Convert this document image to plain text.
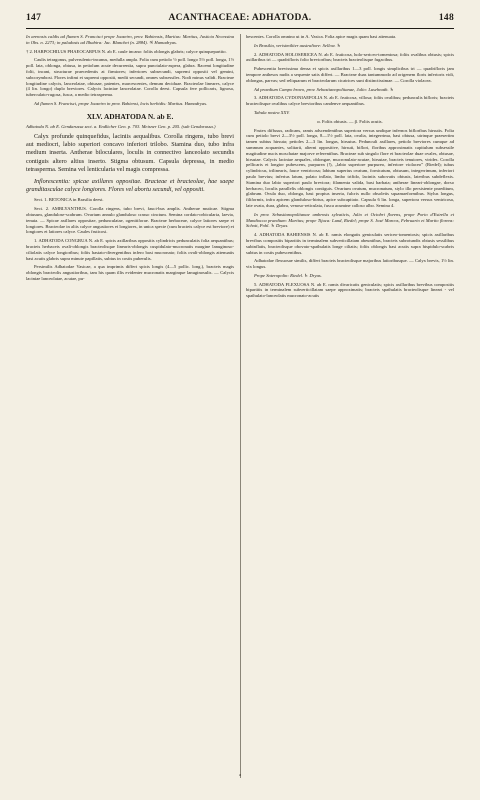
147	ACANTHACEAE: ADHATODA.	148

In arenosis caldis ad flumen S. Francisci prope Joazeiro, prov. Bahiensis, Martius: Martius, Justicia Necessina in Obs. n. 2273; in paludosis ad Ilhabira: Jac. Blanchet (n. 2884). ♃ Hamadryas.

† 2. HARPOCHILUS PHAEOCARPUS N. ab E. caule incano: foliis oblongis glabris; calyce quinquepartito.

Caulis tetragonus, pulverulento-incanus, medulla ampla. Folia cum petiolo ½ poll. longo 5½ poll. longa, 1½ poll. lata, oblonga, obtusa, in petiolum acute decurrentia, supra punctulato-aspera, glabra. Racemi longitudine folii, incani, structurae praecedentis at firmiores; inferiores subsecundi, supremi oppositi vel gemini, subcorymbosi. Flores infimi et supremi oppositi, medii secundi, omnes subsessiles. Nodi minus validi. Bracteae longitudine calycis, lanceolatae, obtusae, patentes, marcescentes, demum deciduae. Bracteolae lineares, calyce (4 lin. longo) duplo breviores. Calycis laciniae lanceolatae. Corolla deest. Capsula fere pollicaris, lignosa, tuberculato-rugosa, fusca, a medio tetrasperma.

Ad flumen S. Francisci, prope Joazeiro in prov. Bahiensi, locis herbidis: Martius. Hamadryas.

XLV. ADHATODA N. ab E.

Adhatoda N. ab E. Gendarussa sect. a. Endlicher Gen. p. 703. Meisner Gen. p. 205. (sub Gendarussa.)

Calyx profunde quinquefidus, laciniis aequalibus. Corolla ringens, tubo brevi aut mediocri, labio superiori concavo inferiori trilobo. Stamina duo, tubo infra medium inserta. Antherae biloculares, loculis in connectivo lanceolato secundis contiguis altero altius inserto. Stigma obtusum. Capsula depressa, in medio tetrasperma. Semina vel lenticularia vel magis compressa.

Inflorescentia: spicae axillares oppositae. Bracteae et bracteolae, hae saepe granditasculae calyce longiores. Flores vel abortu secundi, vel oppositi.

Sect. 1. BETONICA in Brasilia deest.

Sect. 2. AMBLYANTHUS. Corolla ringens, tubo brevi, fauci-bus amplis. Antherae muticae. Stigma obtusum, glandulose-scabrum. Ovarium annulo glanduloso crasso cinctum. Semina cordato-orbicularia, laevia, tenuia. — Spicae axillares oppositae, pedunculatae, ogenitiforae. Bracteae herbaceae, calyce latiores saepe et longiores. Bracteolae in aliis calyce angustiores et longiores, in unica specie (cum bracteis calyce est breviore) et longiores et latiores calyce. Caules fruticosi.

1. ADHATODA CONGRUA N. ab E. spicis axillaribus oppositis cylindricis pedunculatis folia aequantibus; bracteis herbaceis ovali-oblongis bracteolisque linearis-oblongis cuspidulato-mucronatis margine lanuginoso-ciliolatis calyce longioribus; foliis hastato-divergentibus infero basi mucronato; foliis ovali-oblongis attenuatis basi acutis glabris supra minute papillatis, subtus in costis puberulis.

Persimilis Adhatodae Vasicae, a qua imprimis differt spicis longis (4—5 pollic. long.), bracteis magis oblongis bracteolis angustioribus, tam his quam illis evidenter mucronatis marginque lanuginosulis. — Calycis laciniae lanceolatae, acutae, pu-

bescentes. Corolla omnino ut in A. Vasica. Folia apice magis quam basi attenuata.

In Brasilia, verisimiliter australiore: Sellow. ♄

2. ADHATODA HOLOSERICEA N. ab E. fruticosa, holo-sericeo-tomentosa; foliis ovalibus obtusis; spicis axillaribus tri — quadrifloris folio brevioribus; bracteis bracteolisque fugacibus.

Pubescentia brevissima densa et spicis axillaribus 1—3 poll. longis simplicibus tri — quadrifloris jam tempore anthesos nudis a sequente satis differt. — Bracteae duas tantummodo ad origenem floris inferioris vidi, oblongas, parvas; sed reliquarum et bracteolarum cicatrices sunt distinctissimae. — Corolla violacea.

Ad praedium Campo bravo, prov. Sebastianopolitanae, Julio: Lusehnath. ♄

3. ADHATODA CYDONIAEFOLIA N. ab E. fruticosa, villosa; foliis ovalibus; pedunculis bifloris; bracteis bracteolisque ovalibus calyce brevioribus candenve aequantibus.

Tabula nostra XXV.

α. Foliis obtusis. — β. Foliis acutis.

Frutex diffusus, radicans, ramis adscendentibus superiora versus undique infernos bifloribus hirsutis. Folia cum petiolo brevi 2—3½ poll. longa, 8—1½ poll. lata, ovalia, integerrima, basi obtusa, utrinque praesertim tamen subtus hirsuta; petioles 2—3 lin. longas, hirsutus. Pedunculi axillares, petiolo breviores cumque ad summum acquantes, solitarii, alterni oppositive, hirsuti, biflori, floribus approximatis capitulum subsessile magitudine nucis moschatae majorve referentibus. Bracteae sub singulo flore et bracteolae duae ovales, obtusae, hirsutae. Calycis laciniae aequales, oblongae, mucronulato-acutae, hirsutae, bracteis tenuiores, virides. Corolla pellicaris et longior pubescens, purpurea (!), „labio superiore purpureo, inferiore violaceo” (Riedel); tubus cylindricus, trilinearis, fauce ventricosa; labium superius ovatum, fornicatum, obtusum, integerrimum, inferiori paulo brevius; inferius latum, palato inflato, limbo trifido, laciniis subovatis obtusis, lateribus subdeflexis. Stamina duo labio superiori paulo breviora; filamenta valida, basi barbata; antherae lineari-oblongae, dorso herbaceo, loculis parallelis oblongis contiguis. Ovarium ovatum, mucronatum, stylo illo persistente praeditum, glabrum. Ovula duo, oblonga, basi propius inserta, fulcris nullo obsoletis squamaeformibus. Stylus longus, filiformis, infra apicem glanduloso-hirtus, apice subcapitato. Capsula 6 lin. longa, superiora versus ventricosa, late ovata, dura, glabra, venoso-reticulata, fusca acumine calloso albo. Semina 4.

In prov. Sebastianopolitanae umbrosis sylvaticis, Julio et Octobri florens, prope Porto d'Estrella et Mandiocca praedium: Martius; prope Tijuca: Lund, Riedel; prope S. José Marcos, Februario et Martio florens: Schott, Pohl. ♄ Dryas.

4. ADHATODA BAHIENSIS N. ab E. ramis elongatis geniculatis sericeo-tomentosis; spicis axillaribus brevibus compositis bipartitis in terminalem subverticillatam abeuntibus, bracteis subrotundis obtusis sessilibus subinflatis, bracteolisque obovato-spathulatis longe ciliatis; foliis oblongis basi acutis supra hispidulo-scabris subtus in costis pubescentibus.

Adhatodae flexuosae similis, differt bracteis bracteolisque majoribus latioribusque. — Calyx brevis, 1½ lin. vix longus.

Prope Soteropolin: Riedel. ♄ Dryas.

5. ADHATODA FLEXUOSA N. ab E. ramis divaricatis geniculatis; spicis axillaribus brevibus compositis bipartitis in terminalem subverticillatam saepe approximatis; bracteis spathulatis bracteolisque lineari - vel spathulato-lanceolatis mucronato-acutis

a
